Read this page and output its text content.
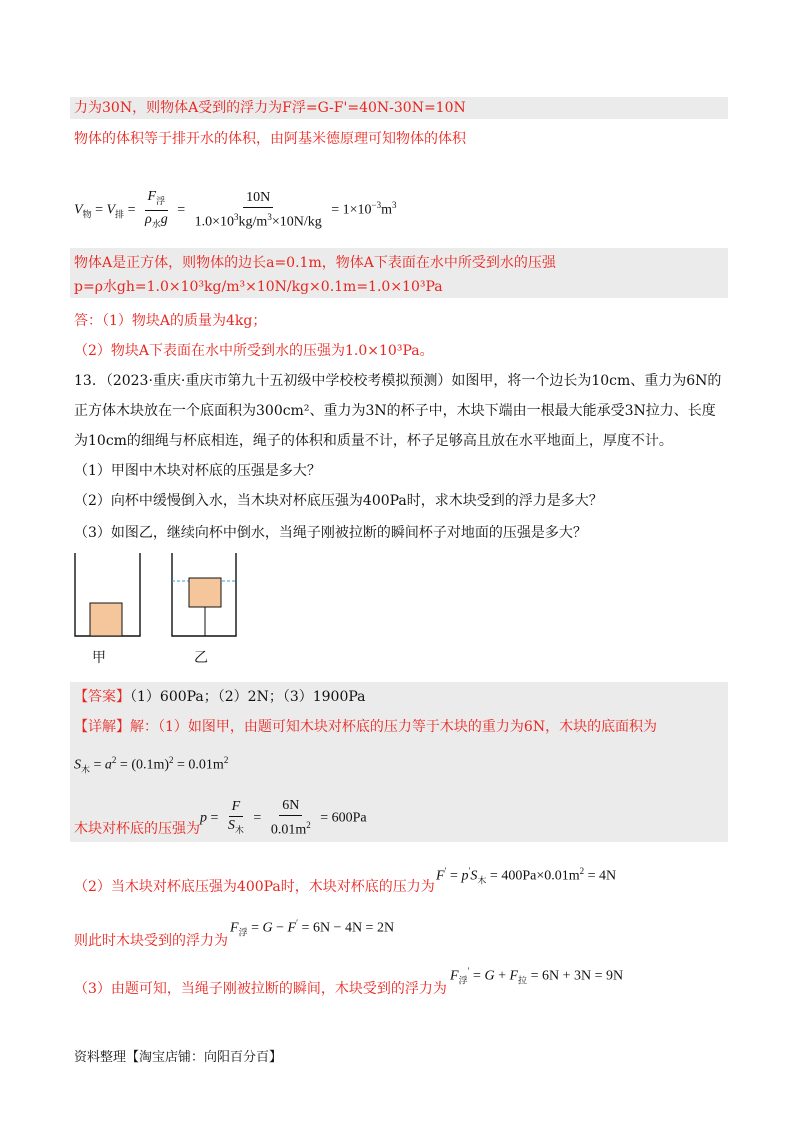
力为30N，则物体A受到的浮力为F浮=G-F'=40N-30N=10N
物体的体积等于排开水的体积，由阿基米德原理可知物体的体积
$V_物 = V_排 = \frac{F_浮}{\rho_水g} = \frac{10N}{1.0\times 10^3kg/m^3\times 10N/kg} = 1\times 10^{-3}m^3$
物体A是正方体，则物体的边长a=0.1m，物体A下表面在水中所受到水的压强
p=ρ水gh=1.0×10³kg/m³×10N/kg×0.1m=1.0×10³Pa
答：（1）物块A的质量为4kg；
（2）物块A下表面在水中所受到水的压强为1.0×10³Pa。
13．（2023·重庆·重庆市第九十五初级中学校校考模拟预测）如图甲，将一个边长为10cm、重力为6N的
正方体木块放在一个底面积为300cm²、重力为3N的杯子中，木块下端由一根最大能承受3N拉力、长度
为10cm的细绳与杯底相连，绳子的体积和质量不计，杯子足够高且放在水平地面上，厚度不计。
（1）甲图中木块对杯底的压强是多大？
（2）向杯中缓慢倒入水，当木块对杯底压强为400Pa时，求木块受到的浮力是多大？
（3）如图乙，继续向杯中倒水，当绳子刚被拉断的瞬间杯子对地面的压强是多大？
甲	乙
【答案】（1）600Pa；（2）2N；（3）1900Pa
【详解】解：（1）如图甲，由题可知木块对杯底的压力等于木块的重力为6N，木块的底面积为
$S_木 = a^2 = (0.1m)^2 = 0.01m^2$
木块对杯底的压强为
$p = \frac{F}{S_木} = \frac{6N}{0.01m^2} = 600Pa$
（2）当木块对杯底压强为400Pa时，木块对杯底的压力为
$F' = p'S_木 = 400Pa\times 0.01m^2 = 4N$
则此时木块受到的浮力为
$F_浮 = G - F' = 6N - 4N = 2N$
（3）由题可知，当绳子刚被拉断的瞬间，木块受到的浮力为
$F_浮' = G + F_拉 = 6N + 3N = 9N$
资料整理【淘宝店铺：向阳百分百】
